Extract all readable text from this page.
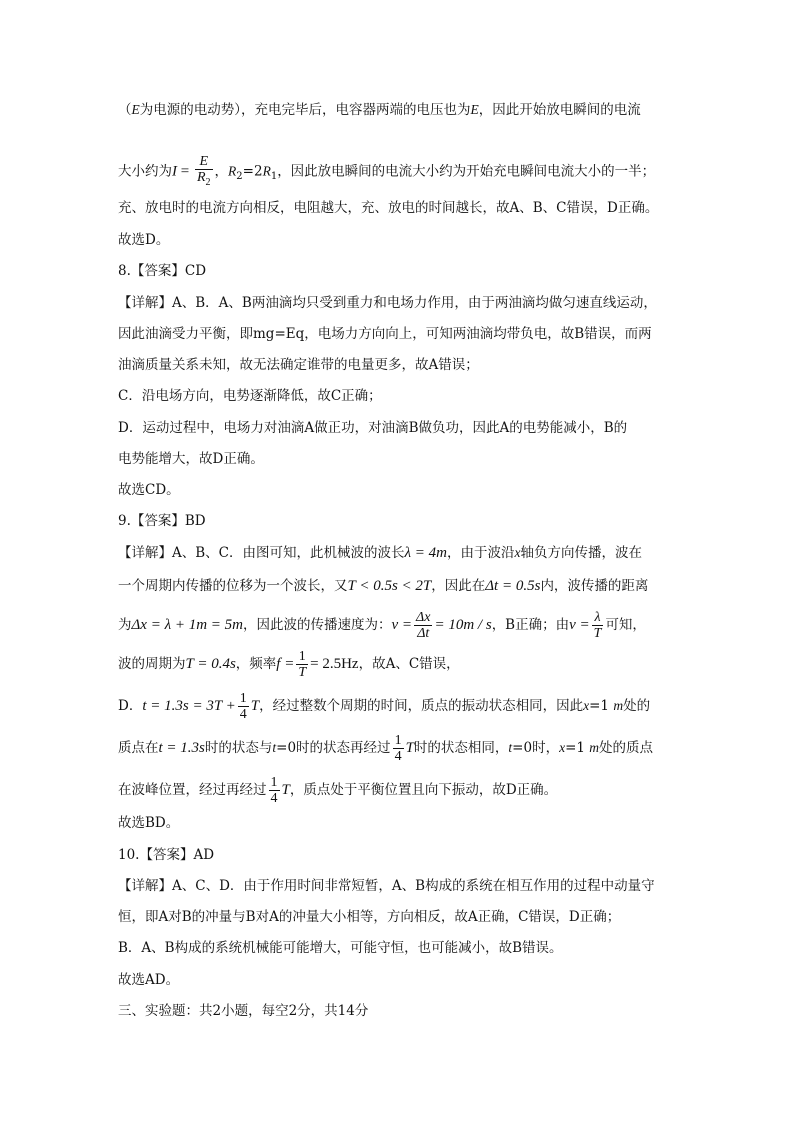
（E为电源的电动势），充电完毕后，电容器两端的电压也为E，因此开始放电瞬间的电流
大小约为$I = \frac{E}{R_2}$ ，$R_2=2R_1$，因此放电瞬间的电流大小约为开始充电瞬间电流大小的一半；
充、放电时的电流方向相反，电阻越大，充、放电的时间越长，故A、B、C错误，D正确。
故选D。
8.【答案】CD
【详解】A、B．A、B两油滴均只受到重力和电场力作用，由于两油滴均做匀速直线运动，
因此油滴受力平衡，即mg=Eq，电场力方向向上，可知两油滴均带负电，故B错误，而两
油滴质量关系未知，故无法确定谁带的电量更多，故A错误；
C．沿电场方向，电势逐渐降低，故C正确；
D．运动过程中，电场力对油滴A做正功，对油滴B做负功，因此A的电势能减小，B的
电势能增大，故D正确。
故选CD。
9.【答案】BD
【详解】A、B、C．由图可知，此机械波的波长λ = 4m，由于波沿x轴负方向传播，波在
一个周期内传播的位移为一个波长，又T < 0.5s < 2T，因此在Δt = 0.5s内，波传播的距离
为Δx = λ + 1m = 5m，因此波的传播速度为：$v = \frac{\Delta x}{\Delta t} = 10m / s$，B正确；由$v = \frac{\lambda}{T}$ 可知，
波的周期为T = 0.4s，频率$f = \frac{1}{T} = 2.5Hz$，故A、C错误，
D．$t = 1.3s = 3T + \frac{1}{4}$ T，经过整数个周期的时间，质点的振动状态相同，因此x=1 m处的
质点在t = 1.3s时的状态与t=0时的状态再经过 $\frac{1}{4}$ T时的状态相同，t=0时，x=1 m处的质点
在波峰位置，经过再经过 $\frac{1}{4}$ T，质点处于平衡位置且向下振动，故D正确。
故选BD。
10.【答案】AD
【详解】A、C、D．由于作用时间非常短暂，A、B构成的系统在相互作用的过程中动量守
恒，即A对B的冲量与B对A的冲量大小相等，方向相反，故A正确，C错误，D正确；
B．A、B构成的系统机械能可能增大，可能守恒，也可能减小，故B错误。
故选AD。
三、实验题：共2小题，每空2分，共14分
